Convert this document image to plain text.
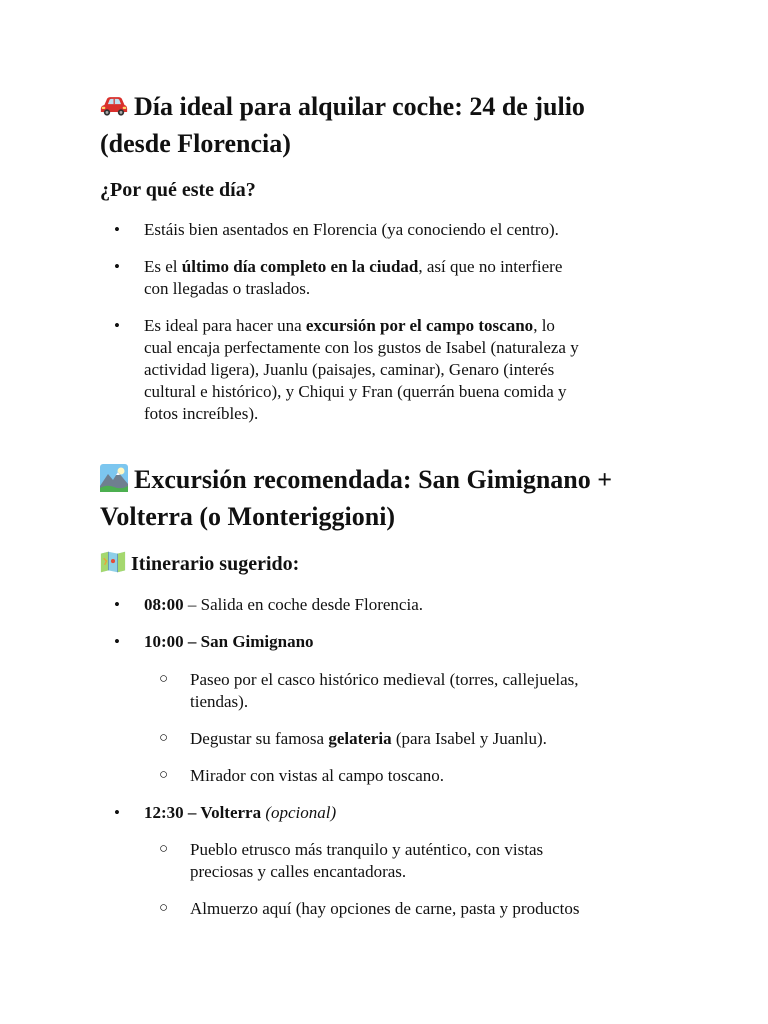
Día ideal para alquilar coche: 24 de julio
(desde Florencia)
¿Por qué este día?
• Estáis bien asentados en Florencia (ya conociendo el centro).
• Es el último día completo en la ciudad, así que no interfiere
con llegadas o traslados.
• Es ideal para hacer una excursión por el campo toscano, lo
cual encaja perfectamente con los gustos de Isabel (naturaleza y
actividad ligera), Juanlu (paisajes, caminar), Genaro (interés
cultural e histórico), y Chiqui y Fran (querrán buena comida y
fotos increíbles).
Excursión recomendada: San Gimignano +
Volterra (o Monteriggioni)
Itinerario sugerido:
• 08:00 – Salida en coche desde Florencia.
• 10:00 – San Gimignano
○ Paseo por el casco histórico medieval (torres, callejuelas,
tiendas).
○ Degustar su famosa gelateria (para Isabel y Juanlu).
○ Mirador con vistas al campo toscano.
• 12:30 – Volterra (opcional)
○ Pueblo etrusco más tranquilo y auténtico, con vistas
preciosas y calles encantadoras.
○ Almuerzo aquí (hay opciones de carne, pasta y productos
